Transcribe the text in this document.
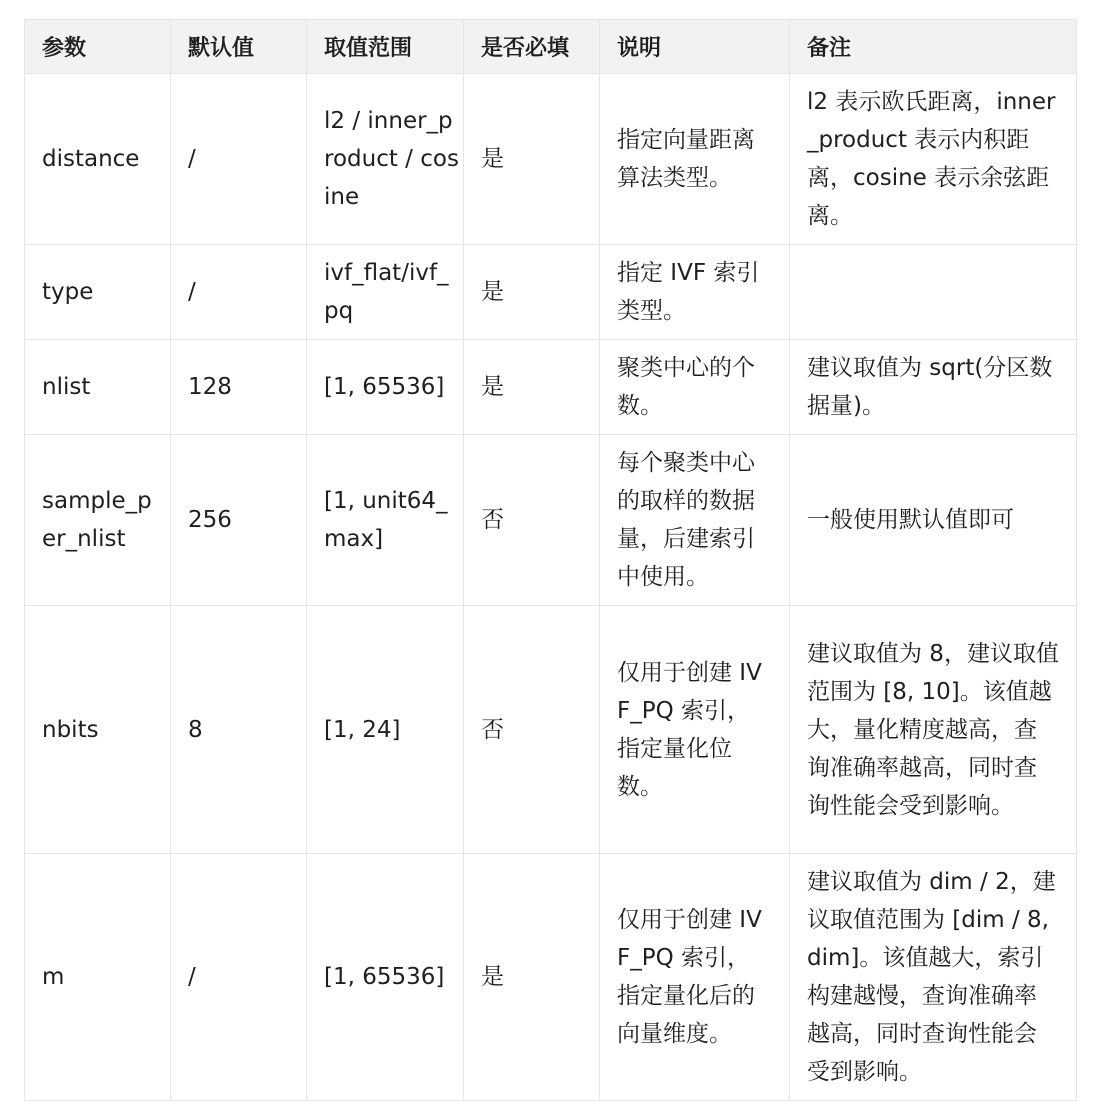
参数	默认值	取值范围	是否必填	说明	备注
distance	/	l2 / inner_product / cosine	是	指定向量距离算法类型。	l2 表示欧氏距离，inner_product 表示内积距离，cosine 表示余弦距离。
type	/	ivf_flat/ivf_pq	是	指定 IVF 索引类型。	
nlist	128	[1, 65536]	是	聚类中心的个数。	建议取值为 sqrt(分区数据量)。
sample_per_nlist	256	[1, unit64_max]	否	每个聚类中心的取样的数据量，后建索引中使用。	一般使用默认值即可
nbits	8	[1, 24]	否	仅用于创建 IVF_PQ 索引，指定量化位数。	建议取值为 8，建议取值范围为 [8, 10]。该值越大，量化精度越高，查询准确率越高，同时查询性能会受到影响。
m	/	[1, 65536]	是	仅用于创建 IVF_PQ 索引，指定量化后的向量维度。	建议取值为 dim / 2，建议取值范围为 [dim / 8, dim]。该值越大，索引构建越慢，查询准确率越高，同时查询性能会受到影响。
